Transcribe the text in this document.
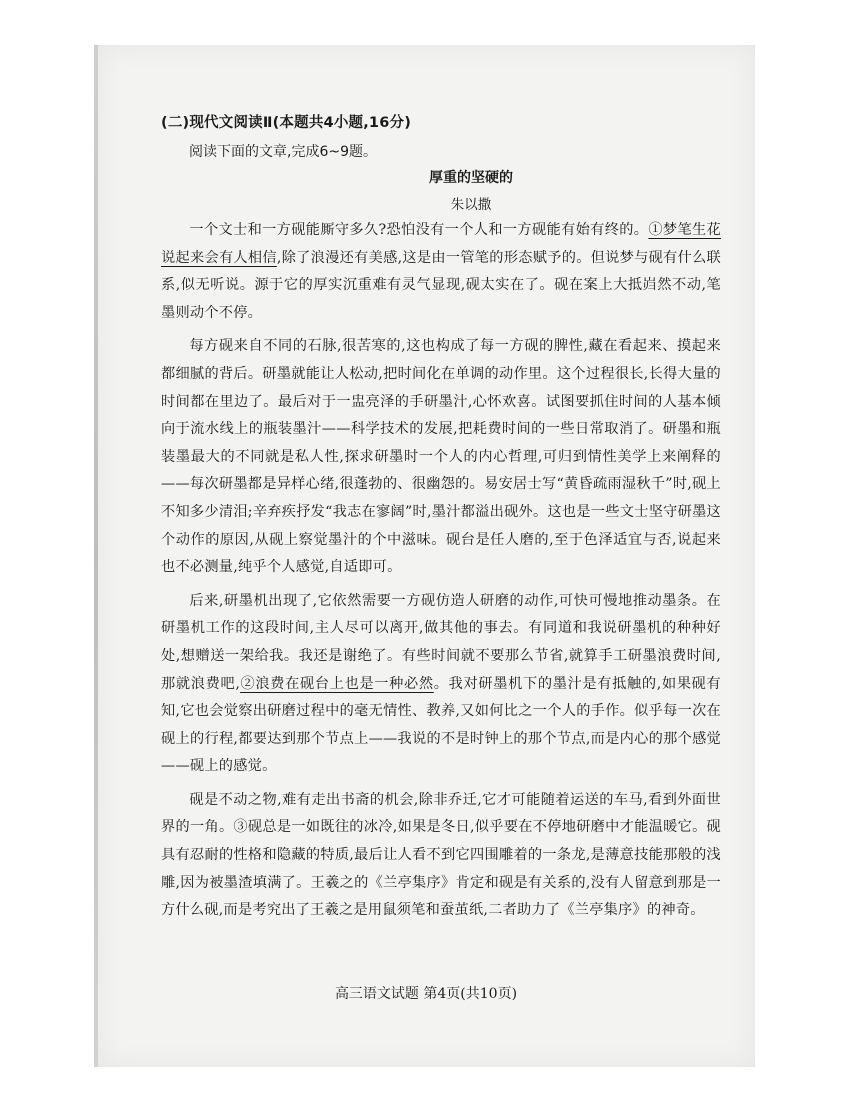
(二)现代文阅读Ⅱ(本题共4小题,16分)

阅读下面的文章,完成6~9题。

厚重的坚硬的

朱以撒

一个文士和一方砚能厮守多久?恐怕没有一个人和一方砚能有始有终的。①梦笔生花说起来会有人相信,除了浪漫还有美感,这是由一管笔的形态赋予的。但说梦与砚有什么联系,似无听说。源于它的厚实沉重难有灵气显现,砚太实在了。砚在案上大抵岿然不动,笔墨则动个不停。

每方砚来自不同的石脉,很苦寒的,这也构成了每一方砚的脾性,藏在看起来、摸起来都细腻的背后。研墨就能让人松动,把时间化在单调的动作里。这个过程很长,长得大量的时间都在里边了。最后对于一盅亮泽的手研墨汁,心怀欢喜。试图要抓住时间的人基本倾向于流水线上的瓶装墨汁——科学技术的发展,把耗费时间的一些日常取消了。研墨和瓶装墨最大的不同就是私人性,探求研墨时一个人的内心哲理,可归到情性美学上来阐释的——每次研墨都是异样心绪,很蓬勃的、很幽怨的。易安居士写“黄昏疏雨湿秋千”时,砚上不知多少清泪;辛弃疾抒发“我志在寥阔”时,墨汁都溢出砚外。这也是一些文士坚守研墨这个动作的原因,从砚上察觉墨汁的个中滋味。砚台是任人磨的,至于色泽适宜与否,说起来也不必测量,纯乎个人感觉,自适即可。

后来,研墨机出现了,它依然需要一方砚仿造人研磨的动作,可快可慢地推动墨条。在研墨机工作的这段时间,主人尽可以离开,做其他的事去。有同道和我说研墨机的种种好处,想赠送一架给我。我还是谢绝了。有些时间就不要那么节省,就算手工研墨浪费时间,那就浪费吧,②浪费在砚台上也是一种必然。我对研墨机下的墨汁是有抵触的,如果砚有知,它也会觉察出研磨过程中的毫无情性、教养,又如何比之一个人的手作。似乎每一次在砚上的行程,都要达到那个节点上——我说的不是时钟上的那个节点,而是内心的那个感觉——砚上的感觉。

砚是不动之物,难有走出书斋的机会,除非乔迁,它才可能随着运送的车马,看到外面世界的一角。③砚总是一如既往的冰冷,如果是冬日,似乎要在不停地研磨中才能温暖它。砚具有忍耐的性格和隐藏的特质,最后让人看不到它四围雕着的一条龙,是薄意技能那般的浅雕,因为被墨渣填满了。王羲之的《兰亭集序》肯定和砚是有关系的,没有人留意到那是一方什么砚,而是考究出了王羲之是用鼠须笔和蚕茧纸,二者助力了《兰亭集序》的神奇。

高三语文试题 第4页(共10页)
